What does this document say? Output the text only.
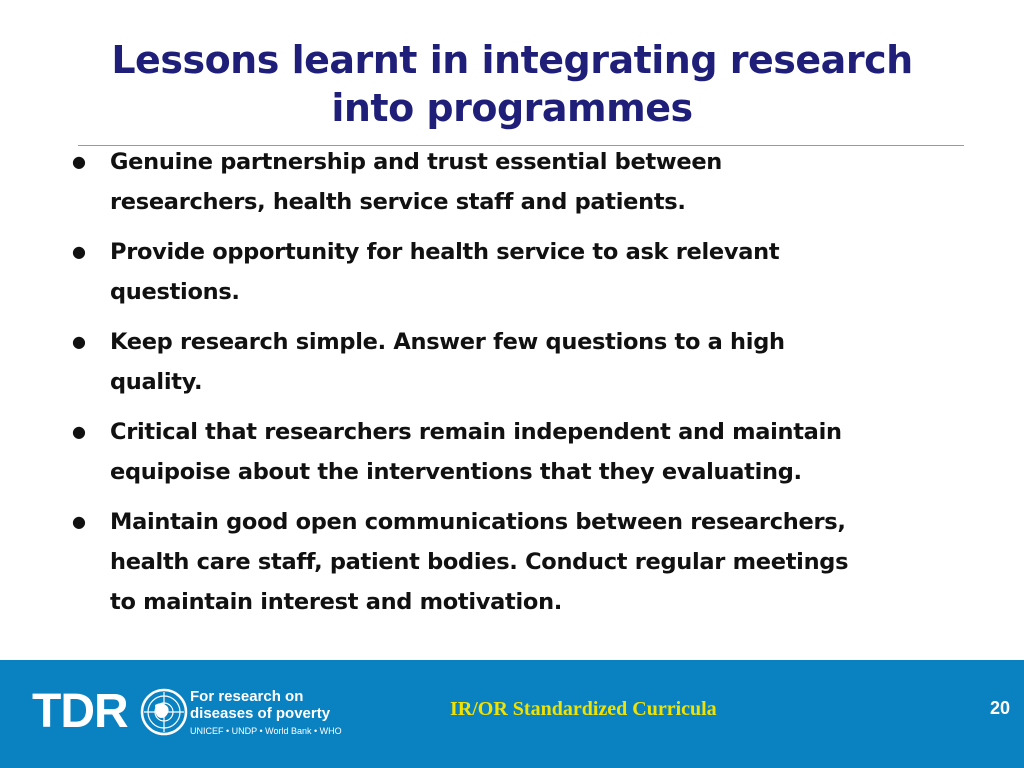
Lessons learnt in integrating research
into programmes
● Genuine partnership and trust essential between
researchers, health service staff and patients.
● Provide opportunity for health service to ask relevant
questions.
● Keep research simple. Answer few questions to a high
quality.
● Critical that researchers remain independent and maintain
equipoise about the interventions that they evaluating.
● Maintain good open communications between researchers,
health care staff, patient bodies. Conduct regular meetings
to maintain interest and motivation.
TDR	For research on
diseases of poverty
UNICEF • UNDP • World Bank • WHO
IR/OR Standardized Curricula	20
